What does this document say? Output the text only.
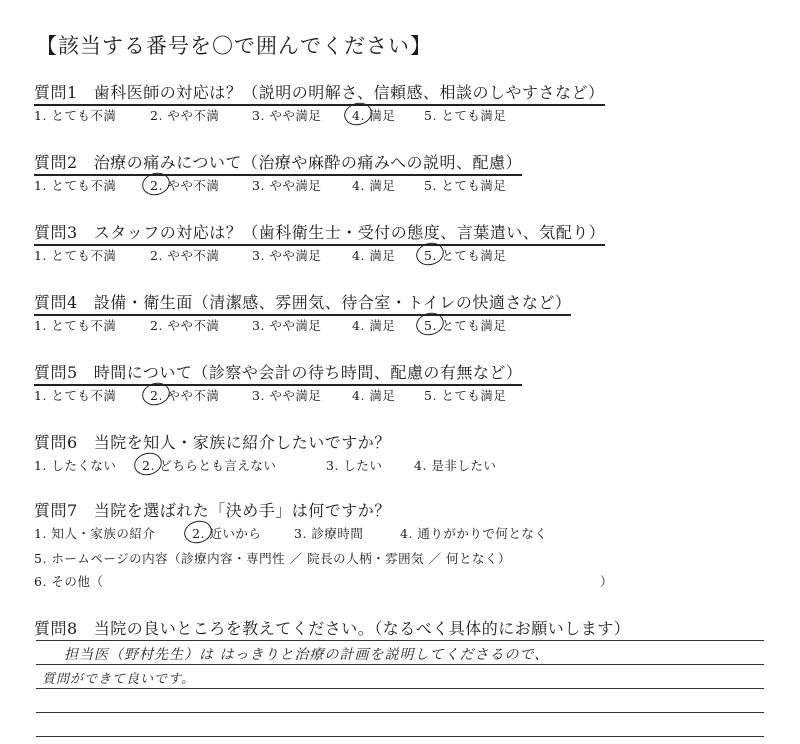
【該当する番号を〇で囲んでください】
質問1 歯科医師の対応は？（説明の明解さ、信頼感、相談のしやすさなど）
1. とても不満	2. やや不満	3. やや満足 4. 満足 5. とても満足
質問2 治療の痛みについて（治療や麻酔の痛みへの説明、配慮）
1. とても不満	2. やや不満	3. やや満足 4. 満足 5. とても満足
質問3 スタッフの対応は？（歯科衛生士・受付の態度、言葉遣い、気配り）
1. とても不満	2. やや不満	3. やや満足 4. 満足 5. とても満足
質問4 設備・衛生面（清潔感、雰囲気、待合室・トイレの快適さなど）
1. とても不満	2. やや不満	3. やや満足 4. 満足 5. とても満足
質問5 時間について（診察や会計の待ち時間、配慮の有無など）
1. とても不満	2. やや不満	3. やや満足 4. 満足 5. とても満足
質問6 当院を知人・家族に紹介したいですか？
1. したくない 2. どちらとも言えない	3. したい	4. 是非したい
質問7 当院を選ばれた「決め手」は何ですか？
1. 知人・家族の紹介	2. 近いから	3. 診療時間	4. 通りがかりで何となく
5. ホームページの内容（診療内容・専門性 ／ 院長の人柄・雰囲気 ／ 何となく）
6. その他（	）
質問8 当院の良いところを教えてください。（なるべく具体的にお願いします）
担当医（野村先生）は はっきりと治療の計画を説明してくださるので、
質問ができて良いです。
